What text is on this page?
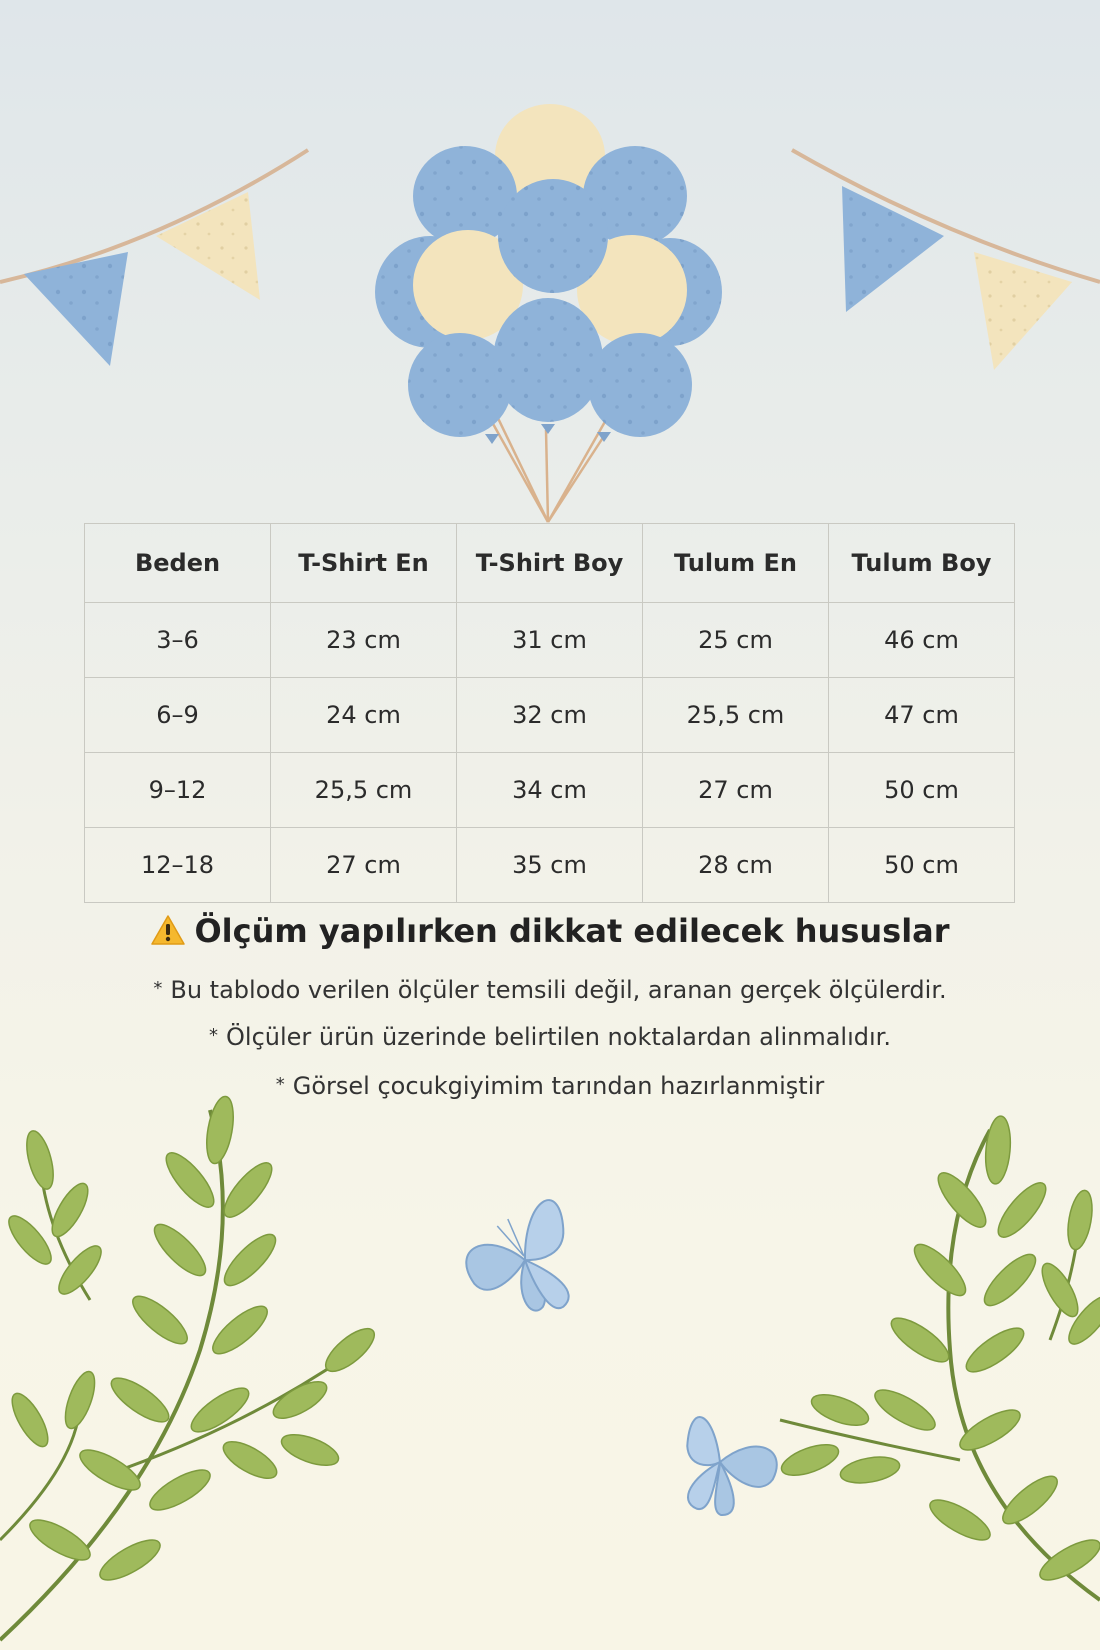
Beden	T-Shirt En	T-Shirt Boy	Tulum En	Tulum Boy
3–6	23 cm	31 cm	25 cm	46 cm
6–9	24 cm	32 cm	25,5 cm	47 cm
9–12	25,5 cm	34 cm	27 cm	50 cm
12–18	27 cm	35 cm	28 cm	50 cm
Ölçüm yapılırken dikkat edilecek hususlar
* Bu tablodo verilen ölçüler temsili değil, aranan gerçek ölçülerdir.
* Ölçüler ürün üzerinde belirtilen noktalardan alinmalıdır.
* Görsel çocukgiyimim tarından hazırlanmiştir
